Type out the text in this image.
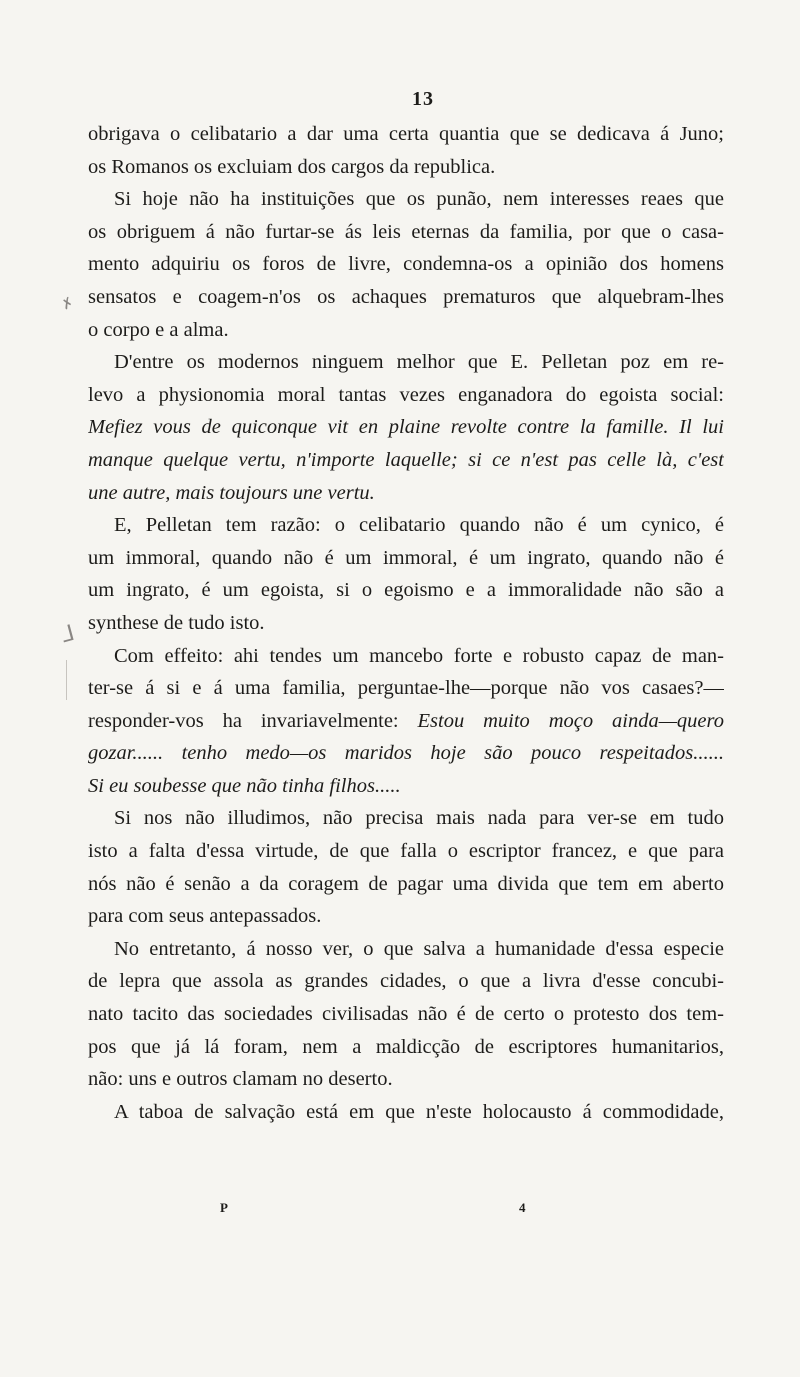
13
✗
⅃
obrigava o celibatario a dar uma certa quantia que se dedicava á Juno;
os Romanos os excluiam dos cargos da republica.
Si hoje não ha instituições que os punão, nem interesses reaes que
os obriguem á não furtar-se ás leis eternas da familia, por que o casa-
mento adquiriu os foros de livre, condemna-os a opinião dos homens
sensatos e coagem-n'os os achaques prematuros que alquebram-lhes
o corpo e a alma.
D'entre os modernos ninguem melhor que E. Pelletan poz em re-
levo a physionomia moral tantas vezes enganadora do egoista social:
Mefiez vous de quiconque vit en plaine revolte contre la famille. Il lui
manque quelque vertu, n'importe laquelle; si ce n'est pas celle là, c'est
une autre, mais toujours une vertu.
E, Pelletan tem razão: o celibatario quando não é um cynico, é
um immoral, quando não é um immoral, é um ingrato, quando não é
um ingrato, é um egoista, si o egoismo e a immoralidade não são a
synthese de tudo isto.
Com effeito: ahi tendes um mancebo forte e robusto capaz de man-
ter-se á si e á uma familia, perguntae-lhe—porque não vos casaes?—
responder-vos ha invariavelmente: Estou muito moço ainda—quero
gozar...... tenho medo—os maridos hoje são pouco respeitados......
Si eu soubesse que não tinha filhos.....
Si nos não illudimos, não precisa mais nada para ver-se em tudo
isto a falta d'essa virtude, de que falla o escriptor francez, e que para
nós não é senão a da coragem de pagar uma divida que tem em aberto
para com seus antepassados.
No entretanto, á nosso ver, o que salva a humanidade d'essa especie
de lepra que assola as grandes cidades, o que a livra d'esse concubi-
nato tacito das sociedades civilisadas não é de certo o protesto dos tem-
pos que já lá foram, nem a maldicção de escriptores humanitarios,
não: uns e outros clamam no deserto.
A taboa de salvação está em que n'este holocausto á commodidade,
P	4
